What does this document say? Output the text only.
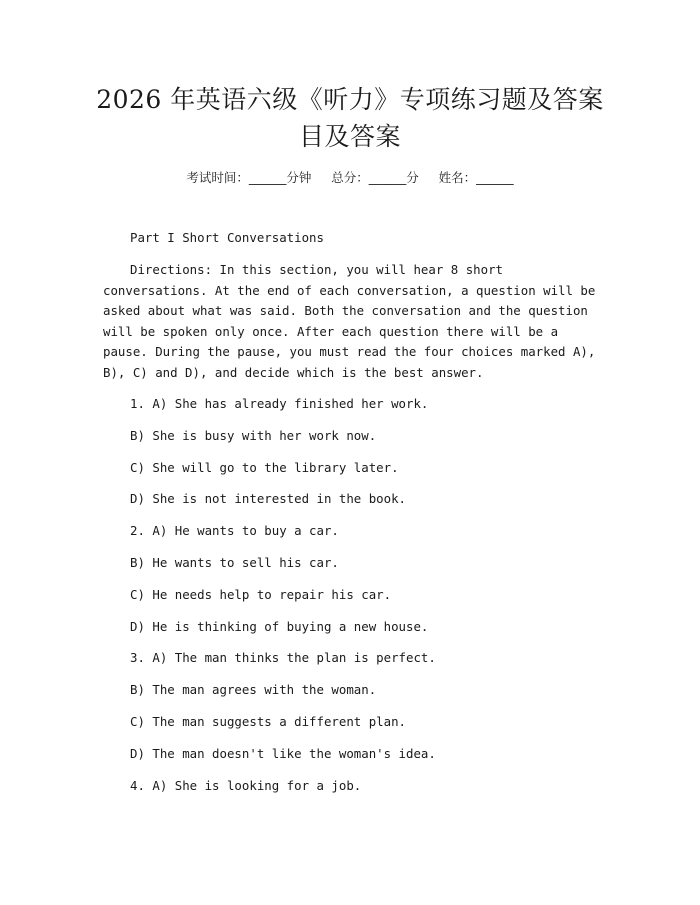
2026 年英语六级《听力》专项练习题及答案
目及答案
考试时间：______分钟     总分：______分     姓名：______

Part I Short Conversations

Directions: In this section, you will hear 8 short conversations. At the end of each conversation, a question will be asked about what was said. Both the conversation and the question will be spoken only once. After each question there will be a pause. During the pause, you must read the four choices marked A), B), C) and D), and decide which is the best answer.

1. A) She has already finished her work.
B) She is busy with her work now.
C) She will go to the library later.
D) She is not interested in the book.
2. A) He wants to buy a car.
B) He wants to sell his car.
C) He needs help to repair his car.
D) He is thinking of buying a new house.
3. A) The man thinks the plan is perfect.
B) The man agrees with the woman.
C) The man suggests a different plan.
D) The man doesn't like the woman's idea.
4. A) She is looking for a job.
